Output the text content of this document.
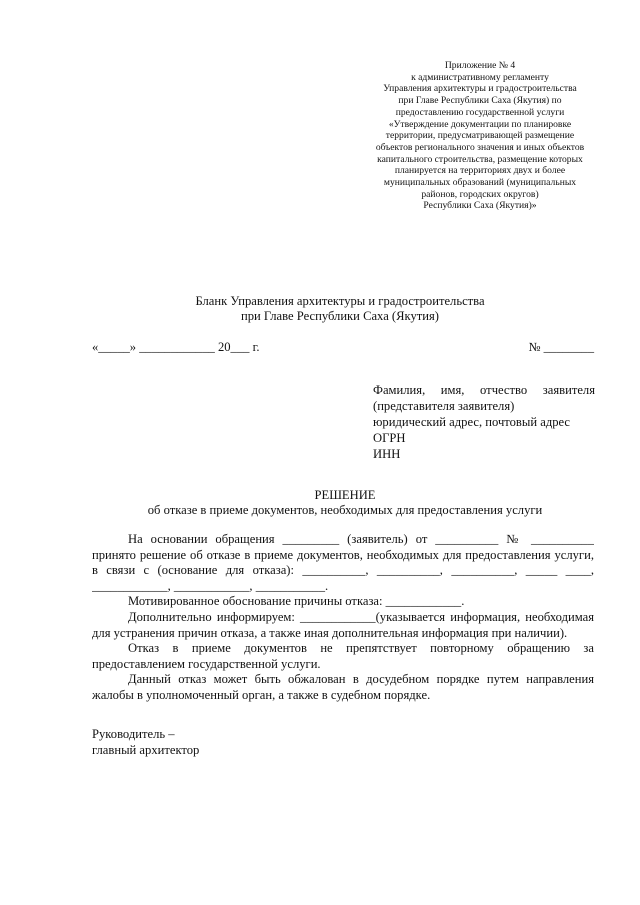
Приложение № 4
к административному регламенту
Управления архитектуры и градостроительства
при Главе Республики Саха (Якутия) по
предоставлению государственной услуги
«Утверждение документации по планировке
территории, предусматривающей размещение
объектов регионального значения и иных объектов
капитального строительства, размещение которых
планируется на территориях двух и более
муниципальных образований (муниципальных
районов, городских округов)
Республики Саха (Якутия)»
Бланк Управления архитектуры и градостроительства
при Главе Республики Саха (Якутия)
«_____» ____________ 20___ г.	№ ________
Фамилия, имя, отчество заявителя
(представителя заявителя)
юридический адрес, почтовый адрес
ОГРН
ИНН
РЕШЕНИЕ
об отказе в приеме документов, необходимых для предоставления услуги
На основании обращения _________ (заявитель) от __________ № __________
принято решение об отказе в приеме документов, необходимых для предоставления услуги,
в связи с (основание для отказа): __________, __________, __________, _____ ____,
____________, ____________, ___________.
Мотивированное обоснование причины отказа: ____________.
Дополнительно информируем: ____________(указывается информация, необходимая
для устранения причин отказа, а также иная дополнительная информация при наличии).
Отказ в приеме документов не препятствует повторному обращению за
предоставлением государственной услуги.
Данный отказ может быть обжалован в досудебном порядке путем направления
жалобы в уполномоченный орган, а также в судебном порядке.
Руководитель –
главный архитектор
